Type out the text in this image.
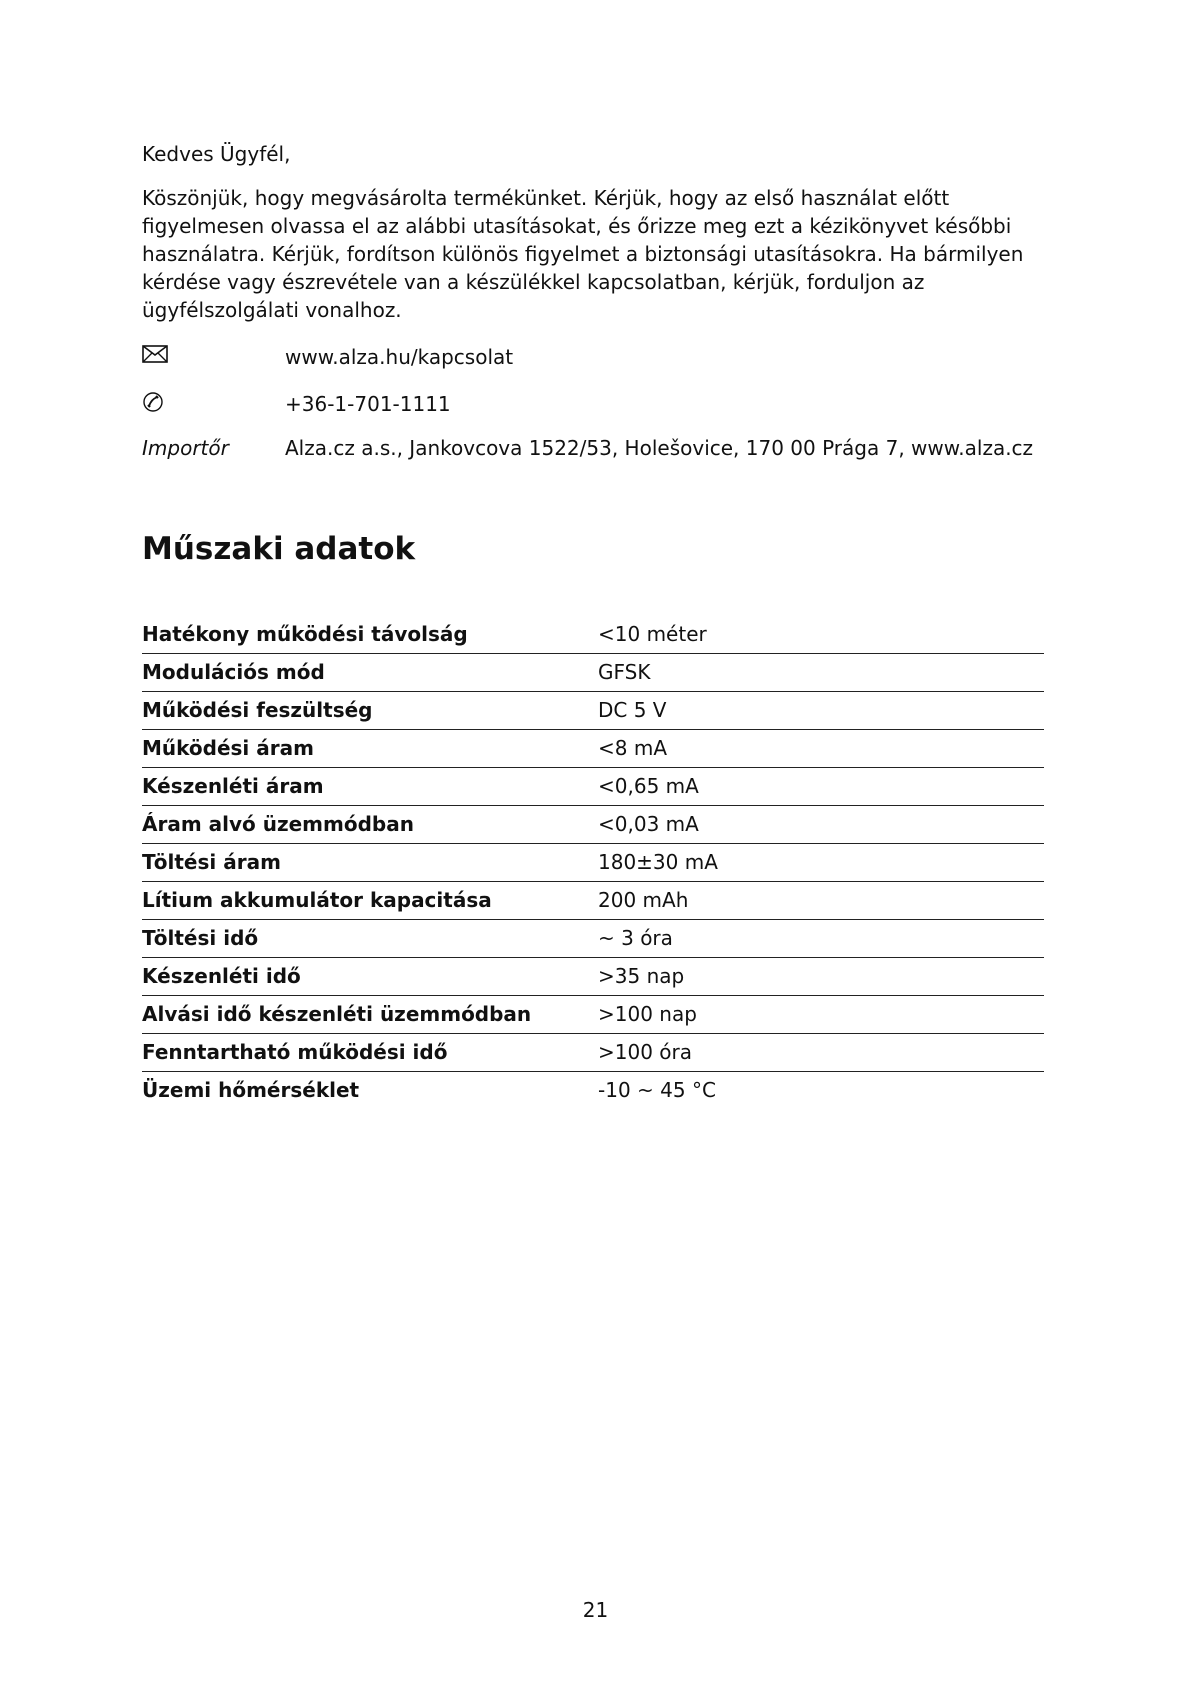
Kedves Ügyfél,

Köszönjük, hogy megvásárolta termékünket. Kérjük, hogy az első használat előtt figyelmesen olvassa el az alábbi utasításokat, és őrizze meg ezt a kézikönyvet későbbi használatra. Kérjük, fordítson különös figyelmet a biztonsági utasításokra. Ha bármilyen kérdése vagy észrevétele van a készülékkel kapcsolatban, kérjük, forduljon az ügyfélszolgálati vonalhoz.

www.alza.hu/kapcsolat
+36-1-701-1111
Importőr	Alza.cz a.s., Jankovcova 1522/53, Holešovice, 170 00 Prága 7, www.alza.cz
Műszaki adatok
Hatékony működési távolság	<10 méter
Modulációs mód	GFSK
Működési feszültség	DC 5 V
Működési áram	<8 mA
Készenléti áram	<0,65 mA
Áram alvó üzemmódban	<0,03 mA
Töltési áram	180±30 mA
Lítium akkumulátor kapacitása	200 mAh
Töltési idő	~ 3 óra
Készenléti idő	>35 nap
Alvási idő készenléti üzemmódban	>100 nap
Fenntartható működési idő	>100 óra
Üzemi hőmérséklet	-10 ~ 45 °C
21
